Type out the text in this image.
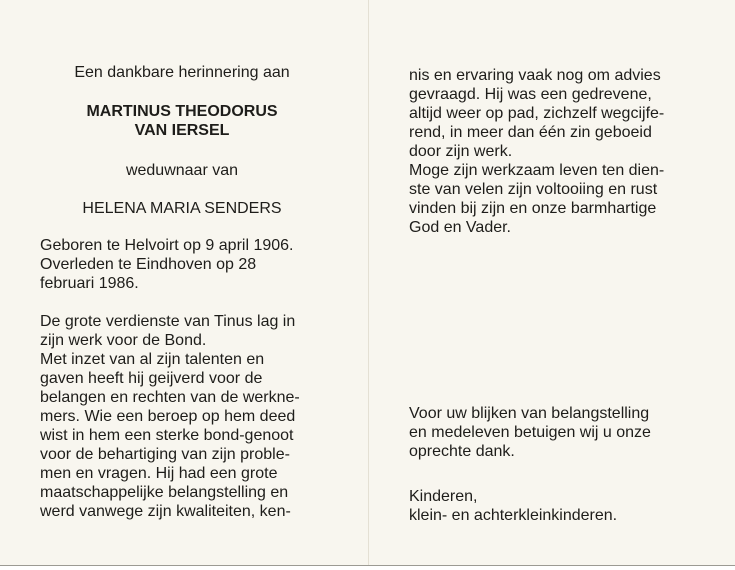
Een dankbare herinnering aan

MARTINUS THEODORUS

VAN IERSEL

weduwnaar van

HELENA MARIA SENDERS

Geboren te Helvoirt op 9 april 1906.
Overleden te Eindhoven op 28
februari 1986.
De grote verdienste van Tinus lag in
zijn werk voor de Bond.
Met inzet van al zijn talenten en
gaven heeft hij geijverd voor de
belangen en rechten van de werkne-
mers. Wie een beroep op hem deed
wist in hem een sterke bond-genoot
voor de behartiging van zijn proble-
men en vragen. Hij had een grote
maatschappelijke belangstelling en
werd vanwege zijn kwaliteiten, ken-
nis en ervaring vaak nog om advies
gevraagd. Hij was een gedrevene,
altijd weer op pad, zichzelf wegcijfe-
rend, in meer dan één zin geboeid
door zijn werk.
Moge zijn werkzaam leven ten dien-
ste van velen zijn voltooiing en rust
vinden bij zijn en onze barmhartige
God en Vader.
Voor uw blijken van belangstelling
en medeleven betuigen wij u onze
oprechte dank.
Kinderen,
klein- en achterkleinkinderen.
